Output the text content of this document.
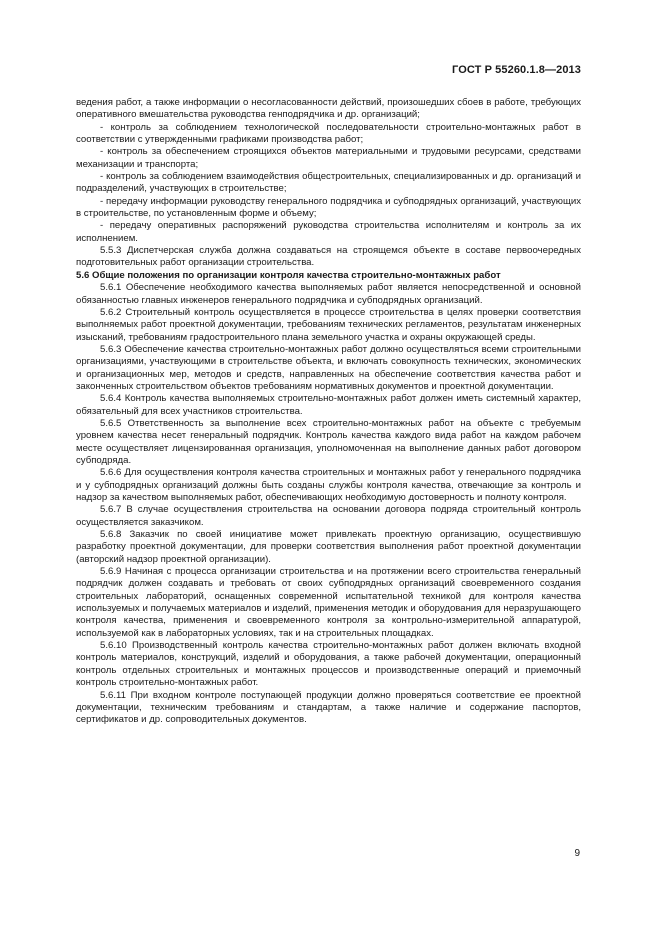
ГОСТ Р 55260.1.8—2013

ведения работ, а также информации о несогласованности действий, произошедших сбоев в работе, требующих оперативного вмешательства руководства генподрядчика и др. организаций;

- контроль за соблюдением технологической последовательности строительно-монтажных работ в соответствии с утвержденными графиками производства работ;

- контроль за обеспечением строящихся объектов материальными и трудовыми ресурсами, средствами механизации и транспорта;

- контроль за соблюдением взаимодействия общестроительных, специализированных и др. организаций и подразделений, участвующих в строительстве;

- передачу информации руководству генерального подрядчика и субподрядных организаций, участвующих в строительстве, по установленным форме и объему;

- передачу оперативных распоряжений руководства строительства исполнителям и контроль за их исполнением.

5.5.3 Диспетчерская служба должна создаваться на строящемся объекте в составе первоочередных подготовительных работ организации строительства.

5.6 Общие положения по организации контроля качества строительно-монтажных работ

5.6.1 Обеспечение необходимого качества выполняемых работ является непосредственной и основной обязанностью главных инженеров генерального подрядчика и субподрядных организаций.

5.6.2 Строительный контроль осуществляется в процессе строительства в целях проверки соответствия выполняемых работ проектной документации, требованиям технических регламентов, результатам инженерных изысканий, требованиям градостроительного плана земельного участка и охраны окружающей среды.

5.6.3 Обеспечение качества строительно-монтажных работ должно осуществляться всеми строительными организациями, участвующими в строительстве объекта, и включать совокупность технических, экономических и организационных мер, методов и средств, направленных на обеспечение соответствия качества работ и законченных строительством объектов требованиям нормативных документов и проектной документации.

5.6.4 Контроль качества выполняемых строительно-монтажных работ должен иметь системный характер, обязательный для всех участников строительства.

5.6.5 Ответственность за выполнение всех строительно-монтажных работ на объекте с требуемым уровнем качества несет генеральный подрядчик. Контроль качества каждого вида работ на каждом рабочем месте осуществляет лицензированная организация, уполномоченная на выполнение данных работ договором субподряда.

5.6.6 Для осуществления контроля качества строительных и монтажных работ у генерального подрядчика и у субподрядных организаций должны быть созданы службы контроля качества, отвечающие за контроль и надзор за качеством выполняемых работ, обеспечивающих необходимую достоверность и полноту контроля.

5.6.7 В случае осуществления строительства на основании договора подряда строительный контроль осуществляется заказчиком.

5.6.8 Заказчик по своей инициативе может привлекать проектную организацию, осуществившую разработку проектной документации, для проверки соответствия выполнения работ проектной документации (авторский надзор проектной организации).

5.6.9 Начиная с процесса организации строительства и на протяжении всего строительства генеральный подрядчик должен создавать и требовать от своих субподрядных организаций своевременного создания строительных лабораторий, оснащенных современной испытательной техникой для контроля качества используемых и получаемых материалов и изделий, применения методик и оборудования для неразрушающего контроля качества, применения и своевременного контроля за контрольно-измерительной аппаратурой, используемой как в лабораторных условиях, так и на строительных площадках.

5.6.10 Производственный контроль качества строительно-монтажных работ должен включать входной контроль материалов, конструкций, изделий и оборудования, а также рабочей документации, операционный контроль отдельных строительных и монтажных процессов и производственные операций и приемочный контроль строительно-монтажных работ.

5.6.11 При входном контроле поступающей продукции должно проверяться соответствие ее проектной документации, техническим требованиям и стандартам, а также наличие и содержание паспортов, сертификатов и др. сопроводительных документов.

9
